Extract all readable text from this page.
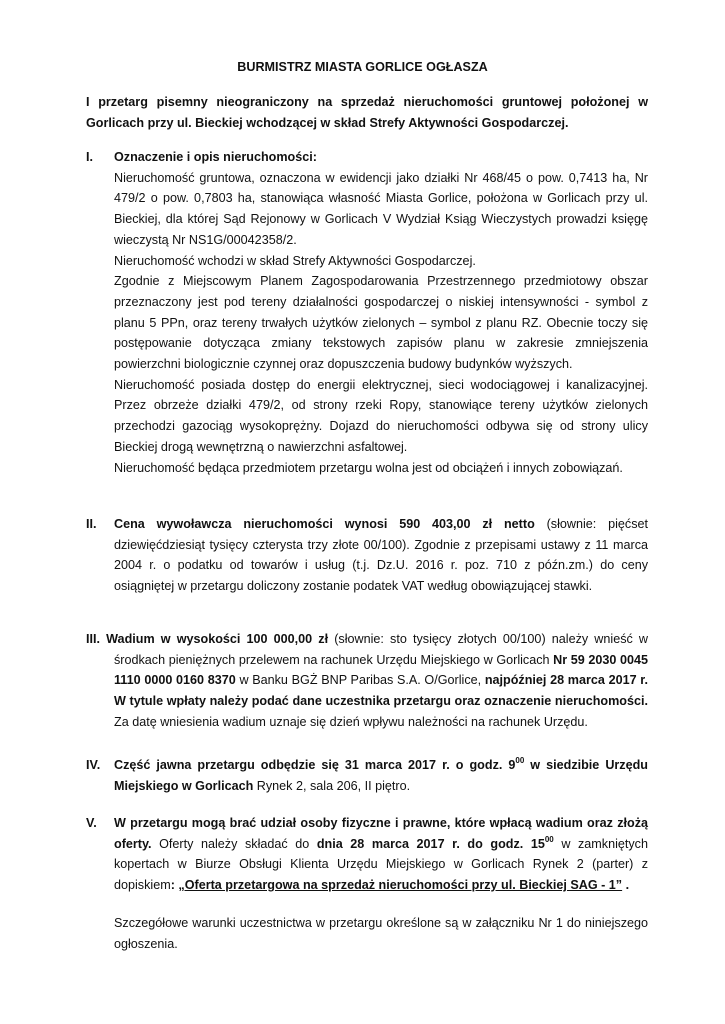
BURMISTRZ MIASTA GORLICE OGŁASZA
I przetarg pisemny nieograniczony na sprzedaż nieruchomości gruntowej położonej w Gorlicach przy ul. Bieckiej wchodzącej w skład Strefy Aktywności Gospodarczej.
I. Oznaczenie i opis nieruchomości:

Nieruchomość gruntowa, oznaczona w ewidencji jako działki Nr 468/45 o pow. 0,7413 ha, Nr 479/2 o pow. 0,7803 ha, stanowiąca własność Miasta Gorlice, położona w Gorlicach przy ul. Bieckiej, dla której Sąd Rejonowy w Gorlicach V Wydział Ksiąg Wieczystych prowadzi księgę wieczystą Nr NS1G/00042358/2.

Nieruchomość wchodzi w skład Strefy Aktywności Gospodarczej.

Zgodnie z Miejscowym Planem Zagospodarowania Przestrzennego przedmiotowy obszar przeznaczony jest pod tereny działalności gospodarczej o niskiej intensywności - symbol z planu 5 PPn, oraz tereny trwałych użytków zielonych – symbol z planu RZ. Obecnie toczy się postępowanie dotycząca zmiany tekstowych zapisów planu w zakresie zmniejszenia powierzchni biologicznie czynnej oraz dopuszczenia budowy budynków wyższych.

Nieruchomość posiada dostęp do energii elektrycznej, sieci wodociągowej i kanalizacyjnej. Przez obrzeże działki 479/2, od strony rzeki Ropy, stanowiące tereny użytków zielonych przechodzi gazociąg wysokoprężny. Dojazd do nieruchomości odbywa się od strony ulicy Bieckiej drogą wewnętrzną o nawierzchni asfaltowej.

Nieruchomość będąca przedmiotem przetargu wolna jest od obciążeń i innych zobowiązań.

II. Cena wywoławcza nieruchomości wynosi 590 403,00 zł netto (słownie: pięćset dziewięćdziesiąt tysięcy czterysta trzy złote 00/100). Zgodnie z przepisami ustawy z 11 marca 2004 r. o podatku od towarów i usług (t.j. Dz.U. 2016 r. poz. 710 z późn.zm.) do ceny osiągniętej w przetargu doliczony zostanie podatek VAT według obowiązującej stawki.

III. Wadium w wysokości 100 000,00 zł (słownie: sto tysięcy złotych 00/100) należy wnieść w środkach pieniężnych przelewem na rachunek Urzędu Miejskiego w Gorlicach Nr 59 2030 0045 1110 0000 0160 8370 w Banku BGŻ BNP Paribas S.A. O/Gorlice, najpóźniej 28 marca 2017 r. W tytule wpłaty należy podać dane uczestnika przetargu oraz oznaczenie nieruchomości. Za datę wniesienia wadium uznaje się dzień wpływu należności na rachunek Urzędu.

IV. Część jawna przetargu odbędzie się 31 marca 2017 r. o godz. $9^{00}$ w siedzibie Urzędu Miejskiego w Gorlicach Rynek 2, sala 206, II piętro.

V. W przetargu mogą brać udział osoby fizyczne i prawne, które wpłacą wadium oraz złożą oferty. Oferty należy składać do dnia 28 marca 2017 r. do godz. $15^{00}$ w zamkniętych kopertach w Biurze Obsługi Klienta Urzędu Miejskiego w Gorlicach Rynek 2 (parter) z dopiskiem: „Oferta przetargowa na sprzedaż nieruchomości przy ul. Bieckiej SAG - 1” .

Szczegółowe warunki uczestnictwa w przetargu określone są w załączniku Nr 1 do niniejszego ogłoszenia.
